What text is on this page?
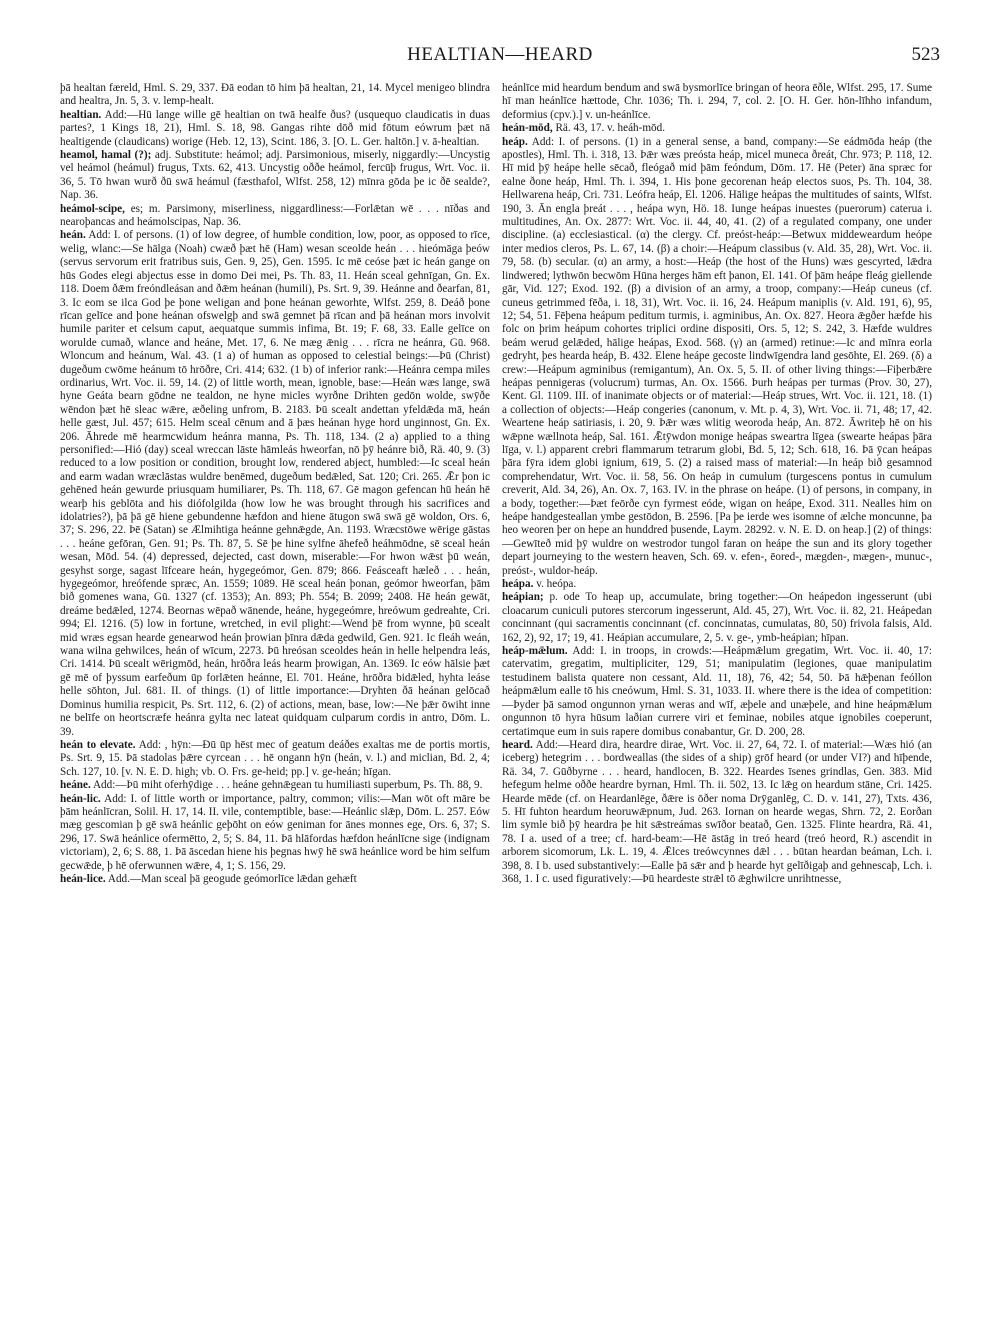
HEALTIAN—HEARD	523

þā healtan færeld, Hml. S. 29, 337. Ðā eodan tō him þā healtan, 21, 14. Mycel menigeo blindra and healtra, Jn. 5, 3. v. lemp-healt.

healtian. Add:—Hū lange wille gē healtian on twā healfe ðus? (usquequo claudicatis in duas partes?, 1 Kings 18, 21), Hml. S. 18, 98. Gangas rihte dōð mid fōtum eówrum þæt nā healtigende (claudicans) worige (Heb. 12, 13), Scint. 186, 3. [O. L. Ger. haltōn.] v. ā-healtian.

heamol, hamal (?); adj. Substitute: heámol; adj. Parsimonious, miserly, niggardly:—Uncystig vel heámol (heámul) frugus, Txts. 62, 413. Uncystig oððe heámol, fercūþ frugus, Wrt. Voc. ii. 36, 5. Tō hwan wurð ðū swā heámul (fæsthafol, Wlfst. 258, 12) mīnra gōda þe ic ðē sealde?, Nap. 36.

heámol-scipe, es; m. Parsimony, miserliness, niggardliness:—Forlǣtan wē . . . nīðas and nearoþancas and heámolscipas, Nap. 36.

heán. Add: I. of persons. (1) of low degree, of humble condition, low, poor, as opposed to rīce, welig, wlanc:—Se hālga (Noah) cwæð þæt hē (Ham) wesan sceolde heán . . . hieómāga þeów (servus servorum erit fratribus suis, Gen. 9, 25), Gen. 1595. Ic mē ceóse þæt ic heán gange on hūs Godes elegi abjectus esse in domo Dei mei, Ps. Th. 83, 11. Heán sceal gehnīgan, Gn. Ex. 118. Doem ðǣm freóndleásan and ðǣm heánan (humili), Ps. Srt. 9, 39. Heánne and ðearfan, 81, 3. Ic eom se ilca God þe þone weligan and þone heánan geworhte, Wlfst. 259, 8. Deáð þone rīcan gelīce and þone heánan ofswelgþ and swā gemnet þā rīcan and þā heánan mors involvit humile pariter et celsum caput, aequatque summis infima, Bt. 19; F. 68, 33. Ealle gelīce on worulde cumað, wlance and heáne, Met. 17, 6. Ne mæg ǣnig . . . rīcra ne heánra, Gū. 968. Wloncum and heánum, Wal. 43. (1 a) of human as opposed to celestial beings:—Þū (Christ) dugeðum cwōme heánum tō hrōðre, Cri. 414; 632. (1 b) of inferior rank:—Heánra cempa miles ordinarius, Wrt. Voc. ii. 59, 14. (2) of little worth, mean, ignoble, base:—Heán wæs lange, swā hyne Geáta bearn gōdne ne tealdon, ne hyne micles wyrðne Drihten gedōn wolde, swȳðe wēndon þæt hē sleac wǣre, æðeling unfrom, B. 2183. Þū scealt andettan yfeldǣda mā, heán helle gæst, Jul. 457; 615. Helm sceal cēnum and ā þæs heánan hyge hord unginnost, Gn. Ex. 206. Āhrede mē hearmcwidum heánra manna, Ps. Th. 118, 134. (2 a) applied to a thing personified:—Hió (day) sceal wreccan lāste hāmleás hweorfan, nō þȳ heánre bið, Rä. 40, 9. (3) reduced to a low position or condition, brought low, rendered abject, humbled:—Ic sceal heán and earm wadan wræclāstas wuldre benēmed, dugeðum bedǣled, Sat. 120; Cri. 265. Ǣr þon ic gehēned heán gewurde priusquam humiliarer, Ps. Th. 118, 67. Gē magon gefencan hū heán hē wearþ his geblōta and his diófolgilda (how low he was brought through his sacrifices and idolatries?), þā þā gē hiene gebundenne hæfdon and hiene ātugon swā swā gē woldon, Ors. 6, 37; S. 296, 22. Þē (Satan) se Ælmihtiga heánne gehnǣgde, An. 1193. Wræcstōwe wērige gāstas . . . heáne gefōran, Gen. 91; Ps. Th. 87, 5. Sē þe hine sylfne āhefeð heáhmōdne, sē sceal heán wesan, Mōd. 54. (4) depressed, dejected, cast down, miserable:—For hwon wǣst þū weán, gesyhst sorge, sagast līfceare heán, hygegeómor, Gen. 879; 866. Feásceaft hæleð . . . heán, hygegeómor, hreófende spræc, An. 1559; 1089. Hē sceal heán þonan, geómor hweorfan, þām bið gomenes wana, Gū. 1327 (cf. 1353); An. 893; Ph. 554; B. 2099; 2408. Hē heán gewāt, dreáme bedǣled, 1274. Beornas wēpað wānende, heáne, hygegeómre, hreówum gedreahte, Cri. 994; El. 1216. (5) low in fortune, wretched, in evil plight:—Wend þē from wynne, þū scealt mid wræs egsan hearde genearwod heán þrowian þīnra dǣda gedwild, Gen. 921. Ic fleáh weán, wana wilna gehwilces, heán of wīcum, 2273. Þū hreósan sceoldes heán in helle helpendra leás, Cri. 1414. Þū scealt wērigmōd, heán, hrōðra leás hearm þrowigan, An. 1369. Ic eów hālsie þæt gē mē of þyssum earfeðum ūp forlǣten heánne, El. 701. Heáne, hrōðra bidǣled, hyhta leáse helle sōhton, Jul. 681. II. of things. (1) of little importance:—Dryhten ðā heánan gelōcað Dominus humilia respicit, Ps. Srt. 112, 6. (2) of actions, mean, base, low:—Ne þǣr ōwiht inne ne belīfe on heortscræfe heánra gylta nec lateat quidquam culparum cordis in antro, Dōm. L. 39.

heán to elevate. Add: , hȳn:—Ðū ūp hēst mec of geatum deáðes exaltas me de portis mortis, Ps. Srt. 9, 15. Þā stadolas þǣre cyrcean . . . hē ongann hȳn (heán, v. l.) and miclian, Bd. 2, 4; Sch. 127, 10. [v. N. E. D. high; vb. O. Frs. ge-heid; pp.] v. ge-heán; hīgan.

heáne. Add:—Þū miht oferhȳdige . . . heáne gehnǣgean tu humiliasti superbum, Ps. Th. 88, 9.

heán-lic. Add: I. of little worth or importance, paltry, common; vilis:—Man wōt oft māre be þām heánlīcran, Solil. H. 17, 14. II. vile, contemptible, base:—Heánlic slǣp, Dōm. L. 257. Eów mæg gescomian þ gē swā heánlic geþōht on eów geniman for ānes monnes ege, Ors. 6, 37; S. 296, 17. Swā heánlice ofermētto, 2, 5; S. 84, 11. Þā hlāfordas hæfdon heánlīcne sige (indignam victoriam), 2, 6; S. 88, 1. Þā āscedan hiene his þegnas hwȳ hē swā heánlice word be him selfum gecwǣde, þ hē oferwunnen wǣre, 4, 1; S. 156, 29.

heán-lice. Add.—Man sceal þā geogude geómorlīce lǣdan gehæft

heánlīce mid heardum bendum and swā bysmorlīce bringan of heora ēðle, Wlfst. 295, 17. Sume hī man heánlīce hættode, Chr. 1036; Th. i. 294, 7, col. 2. [O. H. Ger. hōn-līhho infandum, deformius (cpv.).] v. un-heánlīce.

heán-mōd, Rä. 43, 17. v. heáh-mōd.

heáp. Add: I. of persons. (1) in a general sense, a band, company:—Se eádmōda heáp (the apostles), Hml. Th. i. 318, 13. Þǣr wæs preósta heáp, micel muneca ðreát, Chr. 973; P. 118, 12. Hī mid þȳ heápe helle sēcað, fleógað mid þām feóndum, Dōm. 17. Hē (Peter) āna spræc for ealne ðone heáp, Hml. Th. i. 394, 1. His þone gecorenan heáp electos suos, Ps. Th. 104, 38. Hellwarena heáp, Cri. 731. Leófra heáp, El. 1206. Hālige heápas the multitudes of saints, Wlfst. 190, 3. Ān engla þreát . . . , heápa wyn, Hö. 18. Iunge heápas inuestes (puerorum) caterua i. multitudines, An. Ox. 2877: Wrt. Voc. ii. 44, 40, 41. (2) of a regulated company, one under discipline. (a) ecclesiastical. (α) the clergy. Cf. preóst-heáp:—Betwux middeweardum heópe inter medios cleros, Ps. L. 67, 14. (β) a choir:—Heápum classibus (v. Ald. 35, 28), Wrt. Voc. ii. 79, 58. (b) secular. (α) an army, a host:—Heáp (the host of the Huns) wæs gescyrted, lǣdra lindwered; lythwōn becwōm Hūna herges hām eft þanon, El. 141. Of þām heápe fleág giellende gār, Vid. 127; Exod. 192. (β) a division of an army, a troop, company:—Heáp cuneus (cf. cuneus getrimmed fēða, i. 18, 31), Wrt. Voc. ii. 16, 24. Heápum maniplis (v. Ald. 191, 6), 95, 12; 54, 51. Fēþena heápum peditum turmis, i. agminibus, An. Ox. 827. Heora ǣgðer hæfde his folc on þrim heápum cohortes triplici ordine dispositi, Ors. 5, 12; S. 242, 3. Hæfde wuldres beám werud gelǣded, hālige heápas, Exod. 568. (γ) an (armed) retinue:—Ic and mīnra eorla gedryht, þes hearda heáp, B. 432. Elene heápe gecoste lindwīgendra land gesōhte, El. 269. (δ) a crew:—Heápum agminibus (remigantum), An. Ox. 5, 5. II. of other living things:—Fiþerbǣre heápas pennigeras (volucrum) turmas, An. Ox. 1566. Þurh heápas per turmas (Prov. 30, 27), Kent. Gl. 1109. III. of inanimate objects or of material:—Heáp strues, Wrt. Voc. ii. 121, 18. (1) a collection of objects:—Heáp congeries (canonum, v. Mt. p. 4, 3), Wrt. Voc. ii. 71, 48; 17, 42. Weartene heáp satiriasis, i. 20, 9. Þǣr wæs wlitig weoroda heáp, An. 872. Āwriteþ hē on his wǣpne wællnota heáp, Sal. 161. Ǣtȳwdon monige heápas sweartra līgea (swearte heápas þāra līga, v. l.) apparent crebri flammarum tetrarum globi, Bd. 5, 12; Sch. 618, 16. Þā ȳcan heápas þāra fȳra idem globi ignium, 619, 5. (2) a raised mass of material:—In heáp bið gesamnod comprehendatur, Wrt. Voc. ii. 58, 56. On heáp in cumulum (turgescens pontus in cumulum creverit, Ald. 34, 26), An. Ox. 7, 163. IV. in the phrase on heápe. (1) of persons, in company, in a body, together:—Þæt feōrðe cyn fyrmest eóde, wigan on heápe, Exod. 311. Nealles him on heápe handgesteallan ymbe gestōdon, B. 2596. [Pa þe ierde wes isomne of ælche moncunne, þa heo weoren þer on hepe an hunddred þusende, Laym. 28292. v. N. E. D. on heap.] (2) of things:—Gewīteð mid þȳ wuldre on westrodor tungol faran on heápe the sun and its glory together depart journeying to the western heaven, Sch. 69. v. efen-, ēored-, mægden-, mægen-, munuc-, preóst-, wuldor-heáp.

heápa. v. heópa.

heápian; p. ode To heap up, accumulate, bring together:—On heápedon ingesserunt (ubi cloacarum cuniculi putores stercorum ingesserunt, Ald. 45, 27), Wrt. Voc. ii. 82, 21. Heápedan concinnant (qui sacramentis concinnant (cf. concinnatas, cumulatas, 80, 50) frivola falsis, Ald. 162, 2), 92, 17; 19, 41. Heápian accumulare, 2, 5. v. ge-, ymb-heápian; hīpan.

heáp-mǣlum. Add: I. in troops, in crowds:—Heápmǣlum gregatim, Wrt. Voc. ii. 40, 17: catervatim, gregatim, multipliciter, 129, 51; manipulatim (legiones, quae manipulatim testudinem balista quatere non cessant, Ald. 11, 18), 76, 42; 54, 50. Þā hǣþenan feóllon heápmǣlum ealle tō his cneówum, Hml. S. 31, 1033. II. where there is the idea of competition:—Þyder þā samod ongunnon yrnan weras and wīf, æþele and unæþele, and hine heápmǣlum ongunnon tō hyra hūsum laðian currere viri et feminae, nobiles atque ignobiles coeperunt, certatimque eum in suis rapere domibus conabantur, Gr. D. 200, 28.

heard. Add:—Heard dira, heardre dirae, Wrt. Voc. ii. 27, 64, 72. I. of material:—Wæs hió (an iceberg) hetegrim . . . bordweallas (the sides of a ship) grōf heard (or under VI?) and hīþende, Rä. 34, 7. Gūðbyrne . . . heard, handlocen, B. 322. Heardes īsenes grindlas, Gen. 383. Mid hefegum helme oððe heardre byrnan, Hml. Th. ii. 502, 13. Ic lǣg on heardum stāne, Cri. 1425. Hearde mēde (cf. on Heardanlēge, ðǣre is ōðer noma Drȳganlēg, C. D. v. 141, 27), Txts. 436, 5. Hī fuhton heardum heoruwǣpnum, Jud. 263. Iornan on hearde wegas, Shrn. 72, 2. Eorðan lim symle bið þȳ heardra þe hit sǣstreámas swīðor beatað, Gen. 1325. Flinte heardra, Rä. 41, 78. I a. used of a tree; cf. hard-beam:—Hē āstāg in treó heard (treó heord, R.) ascendit in arborem sicomorum, Lk. L. 19, 4. Ǣlces treówcynnes dǣl . . . būtan heardan beáman, Lch. i. 398, 8. I b. used substantively:—Ealle þā sǣr and þ hearde hyt gelīðigaþ and gehnescaþ, Lch. i. 368, 1. I c. used figuratively:—Þū heardeste strǣl tō ǣghwilcre unrihtnesse,
